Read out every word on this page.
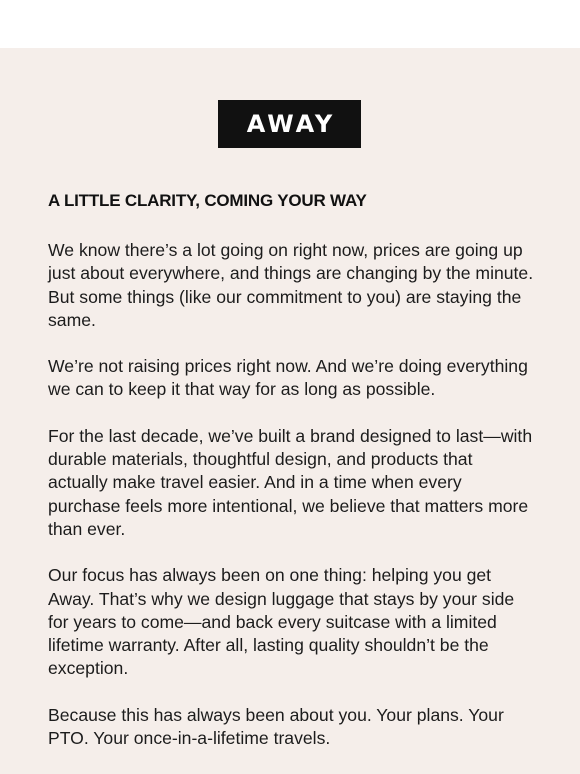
AWAY
A LITTLE CLARITY, COMING YOUR WAY

We know there’s a lot going on right now, prices are going up just about everywhere, and things are changing by the minute. But some things (like our commitment to you) are staying the same.

We’re not raising prices right now. And we’re doing everything we can to keep it that way for as long as possible.

For the last decade, we’ve built a brand designed to last—with durable materials, thoughtful design, and products that actually make travel easier. And in a time when every purchase feels more intentional, we believe that matters more than ever.

Our focus has always been on one thing: helping you get Away. That’s why we design luggage that stays by your side for years to come—and back every suitcase with a limited lifetime warranty. After all, lasting quality shouldn’t be the exception.

Because this has always been about you. Your plans. Your PTO. Your once-in-a-lifetime travels.
